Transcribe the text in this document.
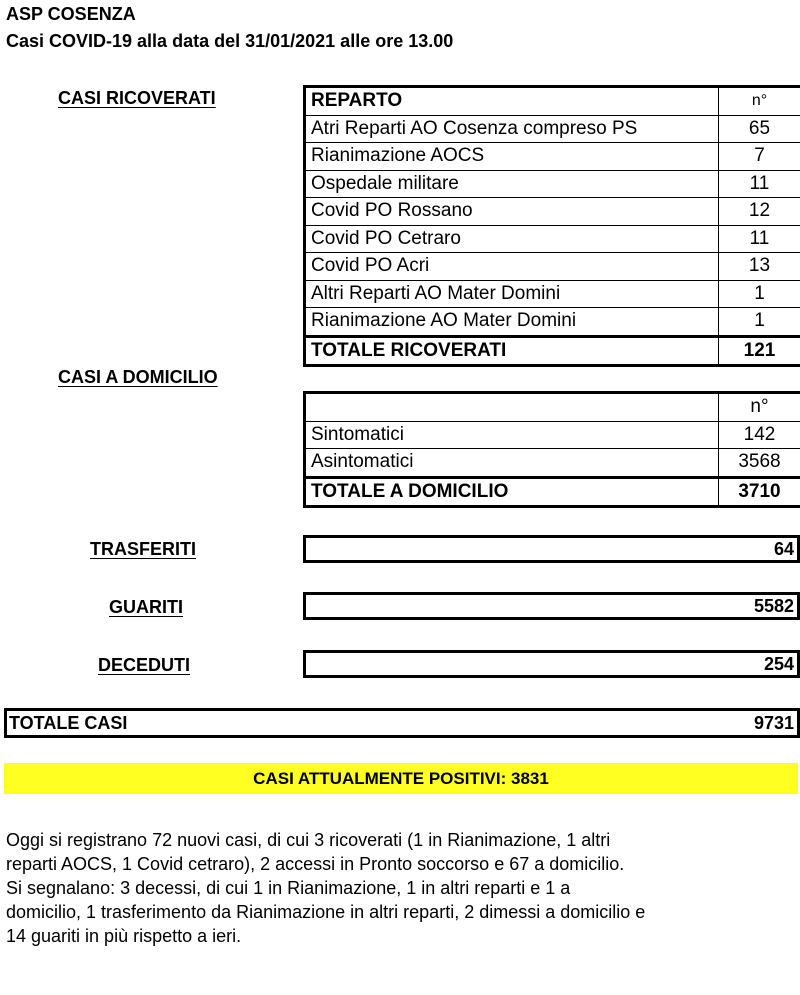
ASP COSENZA
Casi COVID-19 alla data del 31/01/2021 alle ore 13.00
CASI RICOVERATI	REPARTO	n°
Atri Reparti AO Cosenza compreso PS	65
Rianimazione AOCS	7
Ospedale militare	11
Covid PO Rossano	12
Covid PO Cetraro	11
Covid PO Acri	13
Altri Reparti AO Mater Domini	1
Rianimazione AO Mater Domini	1
TOTALE RICOVERATI	121
CASI A DOMICILIO
	n°
Sintomatici	142
Asintomatici	3568
TOTALE A DOMICILIO	3710
TRASFERITI	64
GUARITI	5582
DECEDUTI	254
TOTALE CASI	9731
CASI ATTUALMENTE POSITIVI: 3831
Oggi si registrano 72 nuovi casi, di cui 3 ricoverati (1 in Rianimazione, 1 altri
reparti AOCS, 1 Covid cetraro), 2 accessi in Pronto soccorso e 67 a domicilio.
Si segnalano: 3 decessi, di cui 1 in Rianimazione, 1 in altri reparti e 1 a
domicilio, 1 trasferimento da Rianimazione in altri reparti, 2 dimessi a domicilio e
14 guariti in più rispetto a ieri.
